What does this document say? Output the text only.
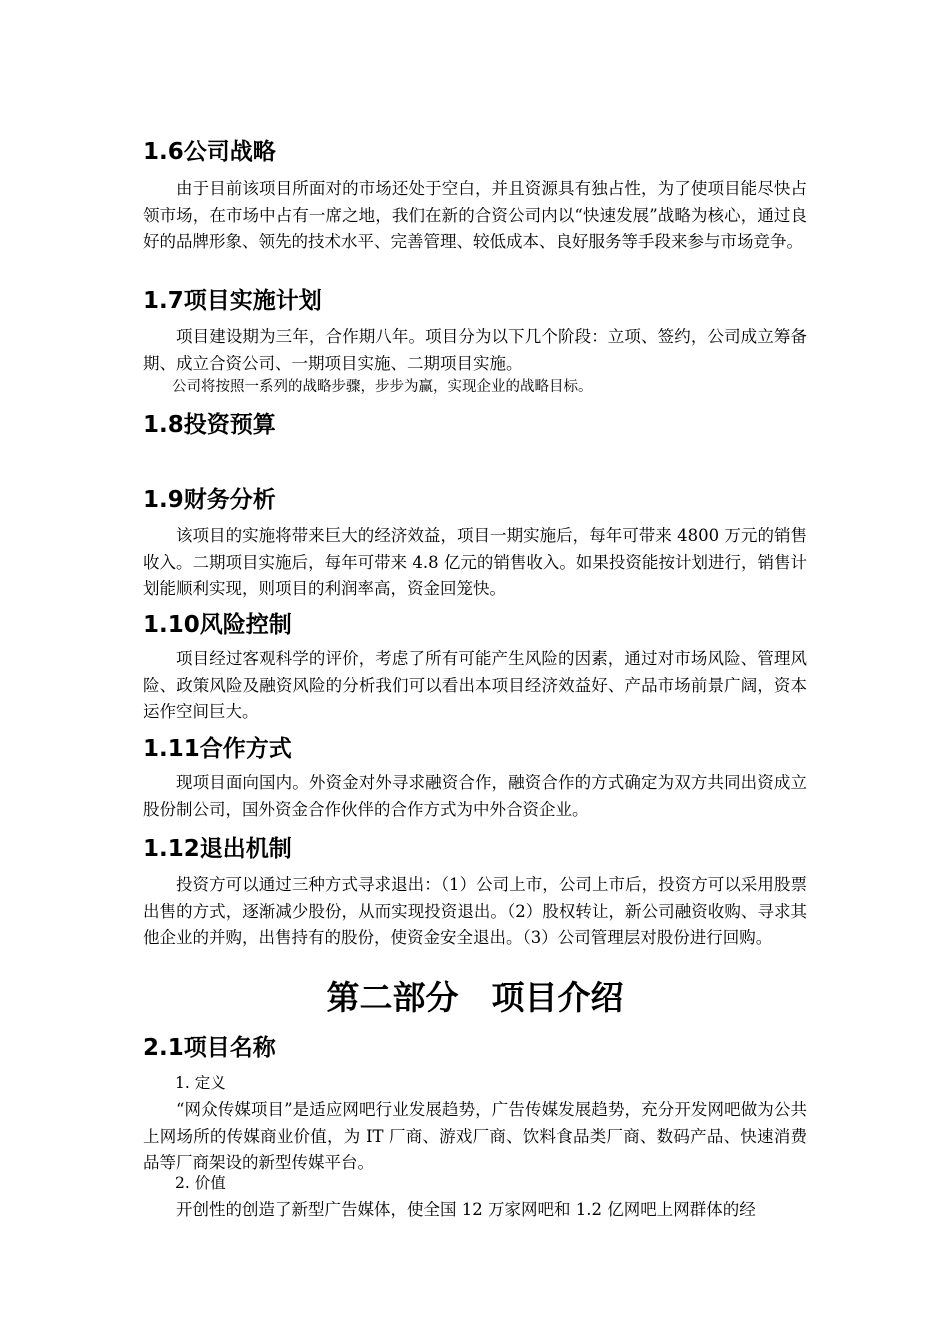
1.6公司战略

由于目前该项目所面对的市场还处于空白，并且资源具有独占性，为了使项目能尽快占领市场，在市场中占有一席之地，我们在新的合资公司内以“快速发展”战略为核心，通过良好的品牌形象、领先的技术水平、完善管理、较低成本、良好服务等手段来参与市场竞争。

1.7项目实施计划

项目建设期为三年，合作期八年。项目分为以下几个阶段：立项、签约，公司成立筹备期、成立合资公司、一期项目实施、二期项目实施。

公司将按照一系列的战略步骤，步步为赢，实现企业的战略目标。

1.8投资预算
1.9财务分析

该项目的实施将带来巨大的经济效益，项目一期实施后，每年可带来 4800 万元的销售收入。二期项目实施后，每年可带来 4.8 亿元的销售收入。如果投资能按计划进行，销售计划能顺利实现，则项目的利润率高，资金回笼快。

1.10风险控制

项目经过客观科学的评价，考虑了所有可能产生风险的因素，通过对市场风险、管理风险、政策风险及融资风险的分析我们可以看出本项目经济效益好、产品市场前景广阔，资本运作空间巨大。

1.11合作方式

现项目面向国内。外资金对外寻求融资合作，融资合作的方式确定为双方共同出资成立股份制公司，国外资金合作伙伴的合作方式为中外合资企业。

1.12退出机制

投资方可以通过三种方式寻求退出：（1）公司上市，公司上市后，投资方可以采用股票出售的方式，逐渐减少股份，从而实现投资退出。（2）股权转让，新公司融资收购、寻求其他企业的并购，出售持有的股份，使资金安全退出。（3）公司管理层对股份进行回购。

第二部分　项目介绍
2.1项目名称
1. 定义

“网众传媒项目”是适应网吧行业发展趋势，广告传媒发展趋势，充分开发网吧做为公共上网场所的传媒商业价值，为 IT 厂商、游戏厂商、饮料食品类厂商、数码产品、快速消费品等厂商架设的新型传媒平台。

2. 价值

开创性的创造了新型广告媒体，使全国 12 万家网吧和 1.2 亿网吧上网群体的经
